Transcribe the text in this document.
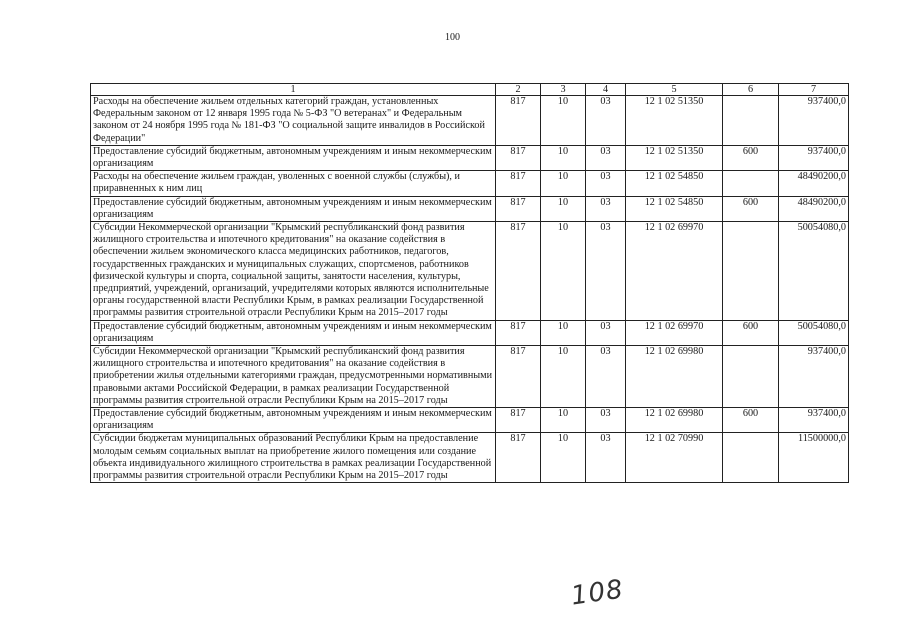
100
1	2	3	4	5	6	7
Расходы на обеспечение жильем отдельных категорий граждан, установленных Федеральным законом от 12 января 1995 года № 5-ФЗ "О ветеранах" и Федеральным законом от 24 ноября 1995 года № 181-ФЗ "О социальной защите инвалидов в Российской Федерации"	817	10	03	12 1 02 51350		937400,0
Предоставление субсидий бюджетным, автономным учреждениям и иным некоммерческим организациям	817	10	03	12 1 02 51350	600	937400,0
Расходы на обеспечение жильем граждан, уволенных с военной службы (службы), и приравненных к ним лиц	817	10	03	12 1 02 54850		48490200,0
Предоставление субсидий бюджетным, автономным учреждениям и иным некоммерческим организациям	817	10	03	12 1 02 54850	600	48490200,0
Субсидии Некоммерческой организации "Крымский республиканский фонд развития жилищного строительства и ипотечного кредитования" на оказание содействия в обеспечении жильем экономического класса медицинских работников, педагогов, государственных гражданских и муниципальных служащих, спортсменов, работников физической культуры и спорта, социальной защиты, занятости населения, культуры, предприятий, учреждений, организаций, учредителями которых являются исполнительные органы государственной власти Республики Крым, в рамках реализации Государственной программы развития строительной отрасли Республики Крым на 2015–2017 годы	817	10	03	12 1 02 69970		50054080,0
Предоставление субсидий бюджетным, автономным учреждениям и иным некоммерческим организациям	817	10	03	12 1 02 69970	600	50054080,0
Субсидии Некоммерческой организации "Крымский республиканский фонд развития жилищного строительства и ипотечного кредитования" на оказание содействия в приобретении жилья отдельными категориями граждан, предусмотренными нормативными правовыми актами Российской Федерации, в рамках реализации Государственной программы развития строительной отрасли Республики Крым на 2015–2017 годы	817	10	03	12 1 02 69980		937400,0
Предоставление субсидий бюджетным, автономным учреждениям и иным некоммерческим организациям	817	10	03	12 1 02 69980	600	937400,0
Субсидии бюджетам муниципальных образований Республики Крым на предоставление молодым семьям социальных выплат на приобретение жилого помещения или создание объекта индивидуального жилищного строительства в рамках реализации Государственной программы развития строительной отрасли Республики Крым на 2015–2017 годы	817	10	03	12 1 02 70990		11500000,0
108
